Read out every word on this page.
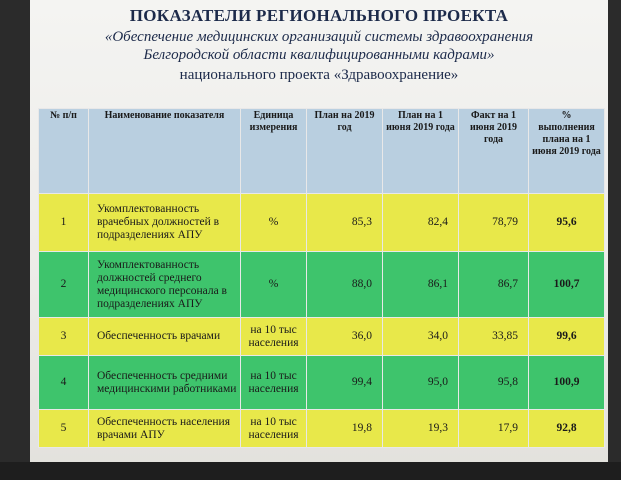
ПОКАЗАТЕЛИ РЕГИОНАЛЬНОГО ПРОЕКТА
«Обеспечение медицинских организаций системы здравоохранения
Белгородской области квалифицированными кадрами»
национального проекта «Здравоохранение»
№ п/п	Наименование показателя	Единица измерения	План на 2019 год	План на 1 июня 2019 года	Факт на 1 июня 2019 года	% выполнения плана на 1 июня 2019 года
1	Укомплектованность врачебных должностей в подразделениях АПУ	%	85,3	82,4	78,79	95,6
2	Укомплектованность должностей среднего медицинского персонала в подразделениях АПУ	%	88,0	86,1	86,7	100,7
3	Обеспеченность врачами	на 10 тыс населения	36,0	34,0	33,85	99,6
4	Обеспеченность средними медицинскими работниками	на 10 тыс населения	99,4	95,0	95,8	100,9
5	Обеспеченность населения врачами АПУ	на 10 тыс населения	19,8	19,3	17,9	92,8
